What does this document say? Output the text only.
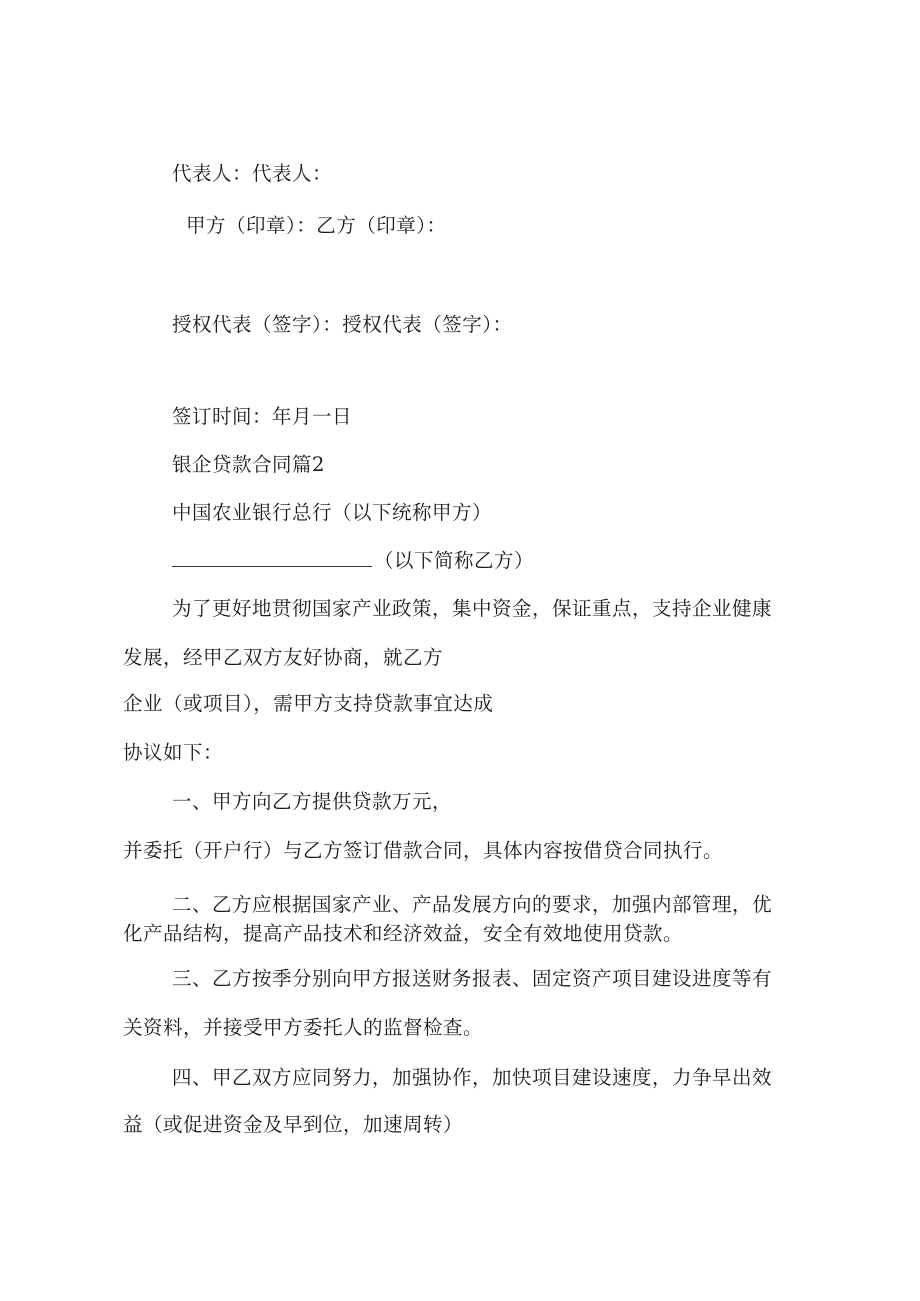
代表人：代表人：
甲方（印章）：乙方（印章）：
授权代表（签字）：授权代表（签字）：
签订时间：年月一日
银企贷款合同篇2
中国农业银行总行（以下统称甲方）
（以下简称乙方）
为了更好地贯彻国家产业政策，集中资金，保证重点，支持企业健康
发展，经甲乙双方友好协商，就乙方
企业（或项目），需甲方支持贷款事宜达成
协议如下：
一、甲方向乙方提供贷款万元，
并委托（开户行）与乙方签订借款合同，具体内容按借贷合同执行。
二、乙方应根据国家产业、产品发展方向的要求，加强内部管理，优
化产品结构，提高产品技术和经济效益，安全有效地使用贷款。
三、乙方按季分别向甲方报送财务报表、固定资产项目建设进度等有
关资料，并接受甲方委托人的监督检查。
四、甲乙双方应同努力，加强协作，加快项目建设速度，力争早出效
益（或促进资金及早到位，加速周转）
